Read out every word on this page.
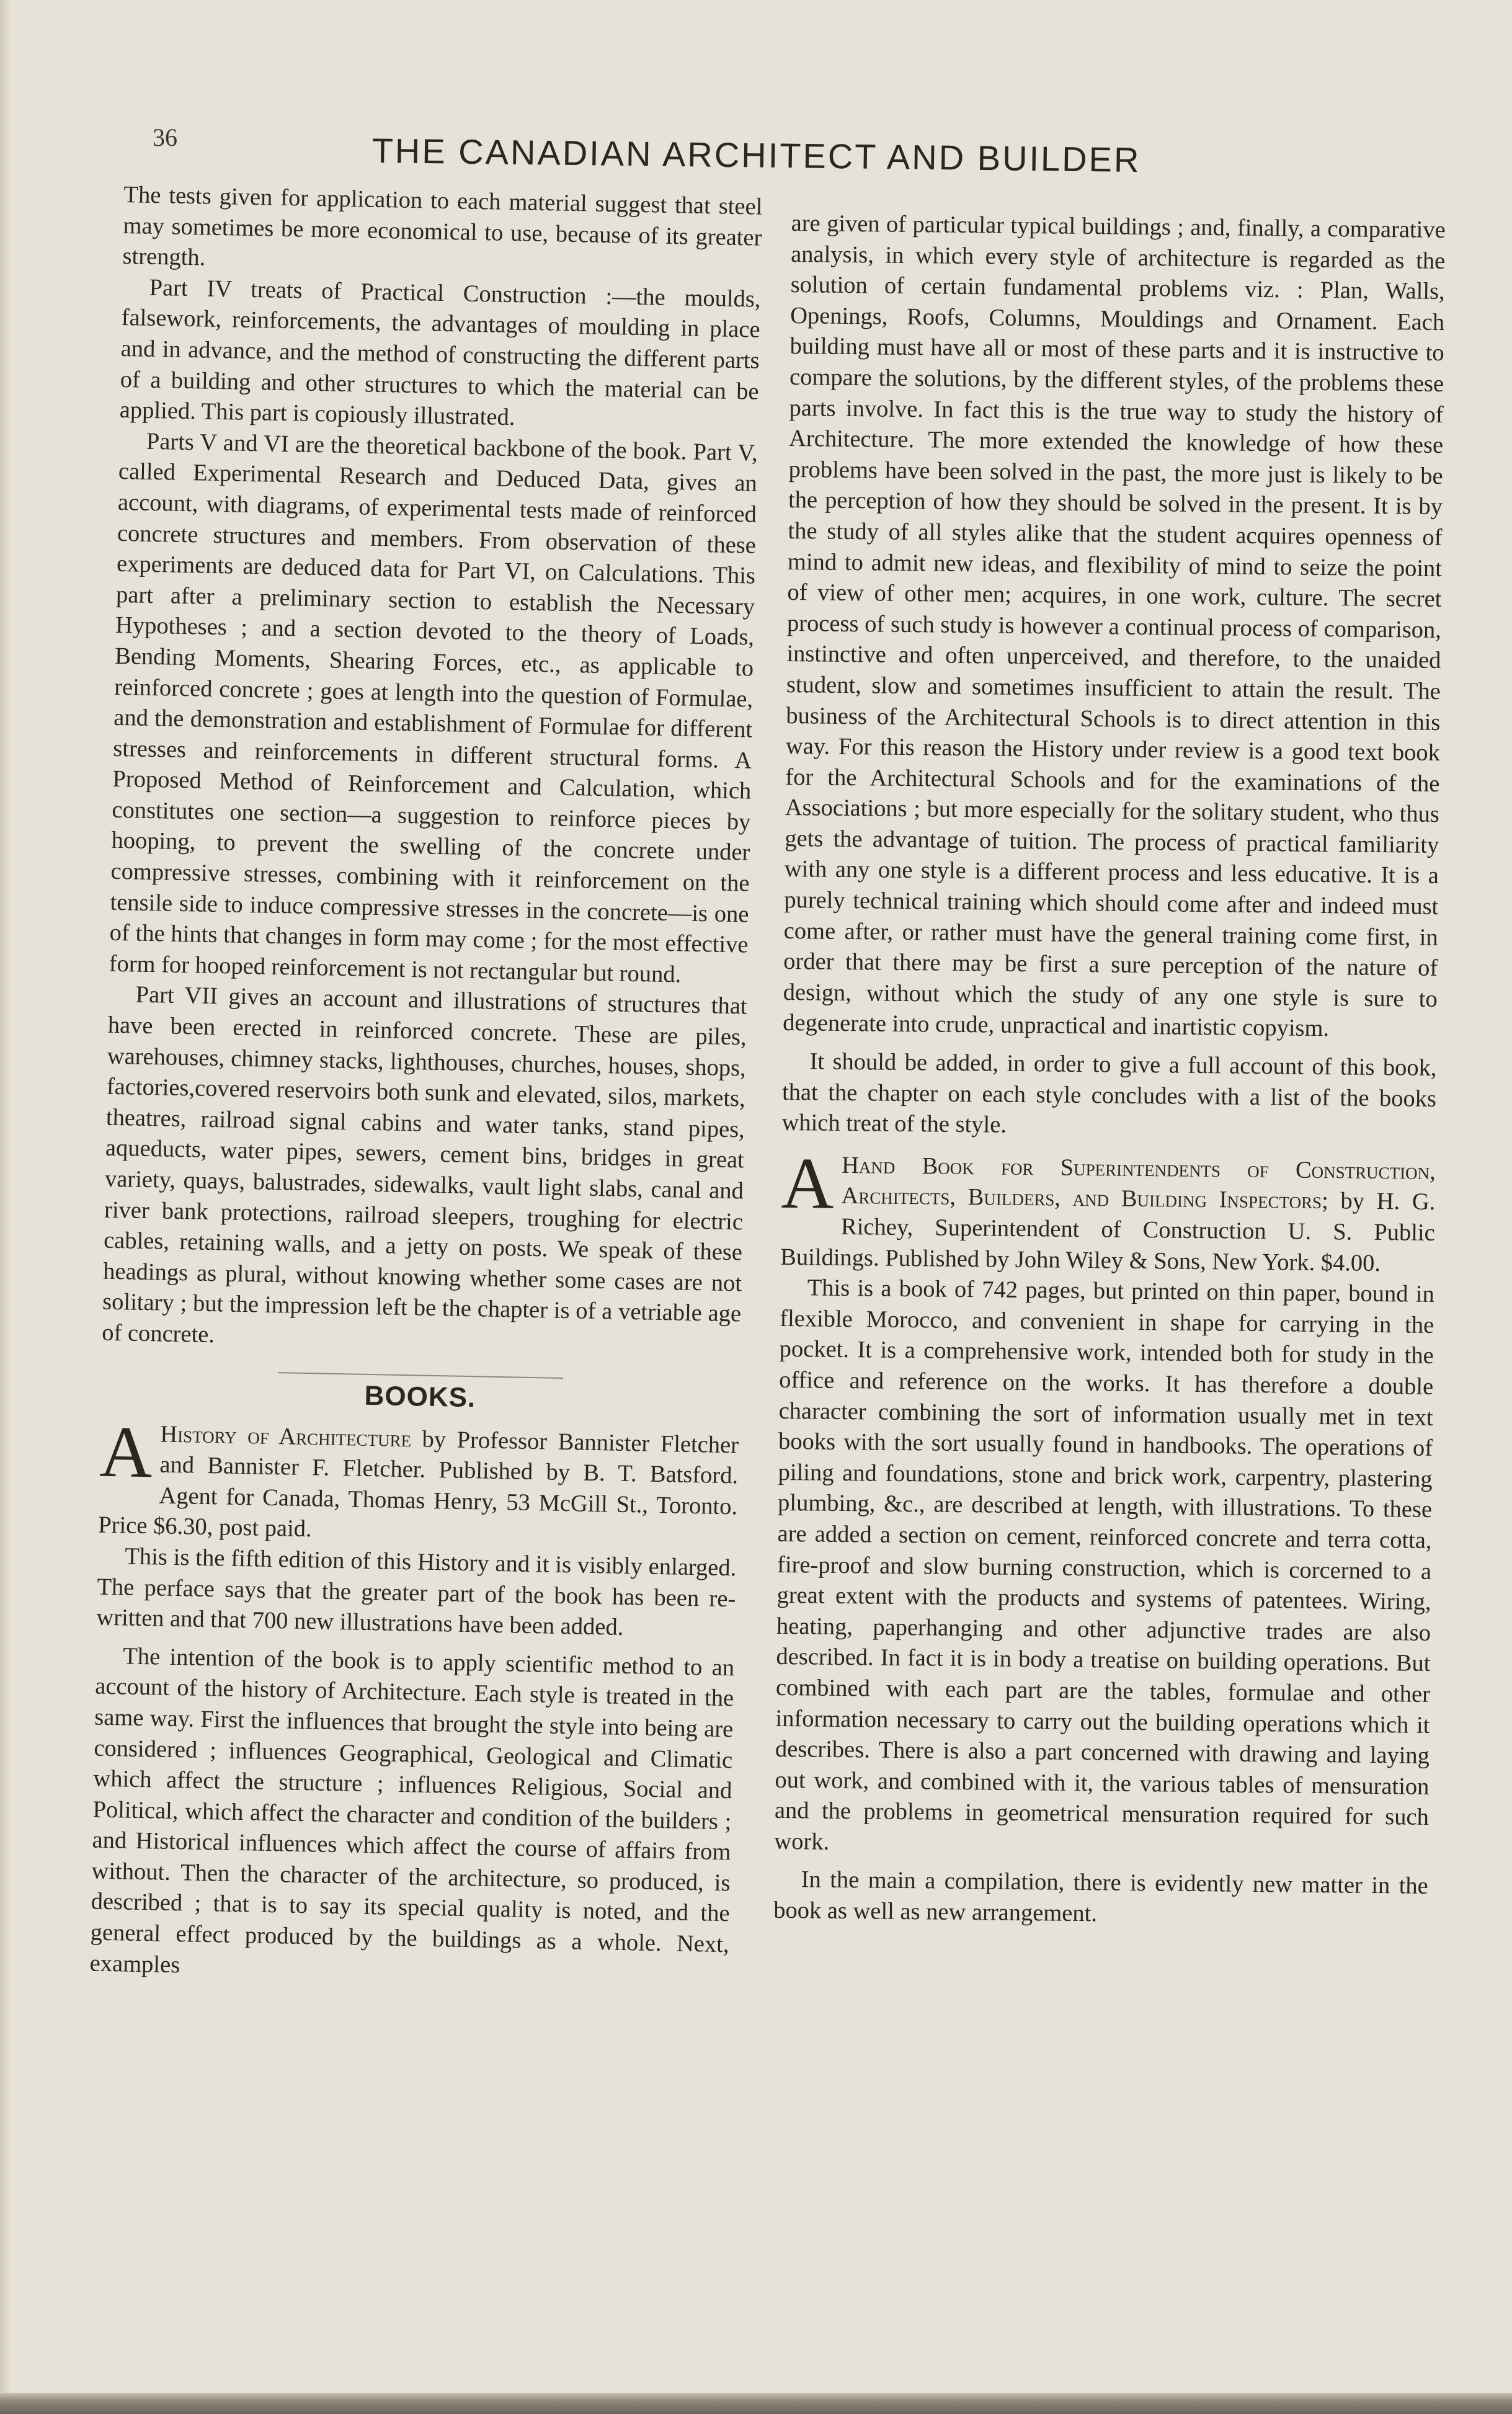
36	THE CANADIAN ARCHITECT AND BUILDER

The tests given for application to each material suggest that steel may sometimes be more economical to use, because of its greater strength.

Part IV treats of Practical Construction :—the moulds, falsework, reinforcements, the advantages of moulding in place and in advance, and the method of constructing the different parts of a building and other structures to which the material can be applied. This part is copiously illustrated.

Parts V and VI are the theoretical backbone of the book. Part V, called Experimental Research and Deduced Data, gives an account, with diagrams, of experimental tests made of reinforced concrete structures and members. From observation of these experiments are deduced data for Part VI, on Calculations. This part after a preliminary section to establish the Necessary Hypotheses ; and a section devoted to the theory of Loads, Bending Moments, Shearing Forces, etc., as applicable to reinforced concrete ; goes at length into the question of Formulae, and the demonstration and establishment of Formulae for different stresses and reinforcements in different structural forms. A Proposed Method of Reinforcement and Calculation, which constitutes one section—a suggestion to reinforce pieces by hooping, to prevent the swelling of the concrete under compressive stresses, combining with it reinforcement on the tensile side to induce compressive stresses in the concrete—is one of the hints that changes in form may come ; for the most effective form for hooped reinforcement is not rectangular but round.

Part VII gives an account and illustrations of structures that have been erected in reinforced concrete. These are piles, warehouses, chimney stacks, lighthouses, churches, houses, shops, factories,covered reservoirs both sunk and elevated, silos, markets, theatres, railroad signal cabins and water tanks, stand pipes, aqueducts, water pipes, sewers, cement bins, bridges in great variety, quays, balustrades, sidewalks, vault light slabs, canal and river bank protections, railroad sleepers, troughing for electric cables, retaining walls, and a jetty on posts. We speak of these headings as plural, without knowing whether some cases are not solitary ; but the impression left be the chapter is of a vetriable age of concrete.

BOOKS.

A History of Architecture by Professor Bannister Fletcher and Bannister F. Fletcher. Published by B. T. Batsford. Agent for Canada, Thomas Henry, 53 McGill St., Toronto. Price $6.30, post paid.

This is the fifth edition of this History and it is visibly enlarged. The perface says that the greater part of the book has been re-written and that 700 new illustrations have been added.

The intention of the book is to apply scientific method to an account of the history of Architecture. Each style is treated in the same way. First the influences that brought the style into being are considered ; influences Geographical, Geological and Climatic which affect the structure ; influences Religious, Social and Political, which affect the character and condition of the builders ; and Historical influences which affect the course of affairs from without. Then the character of the architecture, so produced, is described ; that is to say its special quality is noted, and the general effect produced by the buildings as a whole. Next, examples

are given of particular typical buildings ; and, finally, a comparative analysis, in which every style of architecture is regarded as the solution of certain fundamental problems viz. : Plan, Walls, Openings, Roofs, Columns, Mouldings and Ornament. Each building must have all or most of these parts and it is instructive to compare the solutions, by the different styles, of the problems these parts involve. In fact this is the true way to study the history of Architecture. The more extended the knowledge of how these problems have been solved in the past, the more just is likely to be the perception of how they should be solved in the present. It is by the study of all styles alike that the student acquires openness of mind to admit new ideas, and flexibility of mind to seize the point of view of other men; acquires, in one work, culture. The secret process of such study is however a continual process of comparison, instinctive and often unperceived, and therefore, to the unaided student, slow and sometimes insufficient to attain the result. The business of the Architectural Schools is to direct attention in this way. For this reason the History under review is a good text book for the Architectural Schools and for the examinations of the Associations ; but more especially for the solitary student, who thus gets the advantage of tuition. The process of practical familiarity with any one style is a different process and less educative. It is a purely technical training which should come after and indeed must come after, or rather must have the general training come first, in order that there may be first a sure perception of the nature of design, without which the study of any one style is sure to degenerate into crude, unpractical and inartistic copyism.

It should be added, in order to give a full account of this book, that the chapter on each style concludes with a list of the books which treat of the style.

A Hand Book for Superintendents of Construction, Architects, Builders, and Building Inspectors; by H. G. Richey, Superintendent of Construction U. S. Public Buildings. Published by John Wiley & Sons, New York. $4.00.

This is a book of 742 pages, but printed on thin paper, bound in flexible Morocco, and convenient in shape for carrying in the pocket. It is a comprehensive work, intended both for study in the office and reference on the works. It has therefore a double character combining the sort of information usually met in text books with the sort usually found in handbooks. The operations of piling and foundations, stone and brick work, carpentry, plastering plumbing, &c., are described at length, with illustrations. To these are added a section on cement, reinforced concrete and terra cotta, fire-proof and slow burning construction, which is corcerned to a great extent with the products and systems of patentees. Wiring, heating, paperhanging and other adjunctive trades are also described. In fact it is in body a treatise on building operations. But combined with each part are the tables, formulae and other information necessary to carry out the building operations which it describes. There is also a part concerned with drawing and laying out work, and combined with it, the various tables of mensuration and the problems in geometrical mensuration required for such work.

In the main a compilation, there is evidently new matter in the book as well as new arrangement.
